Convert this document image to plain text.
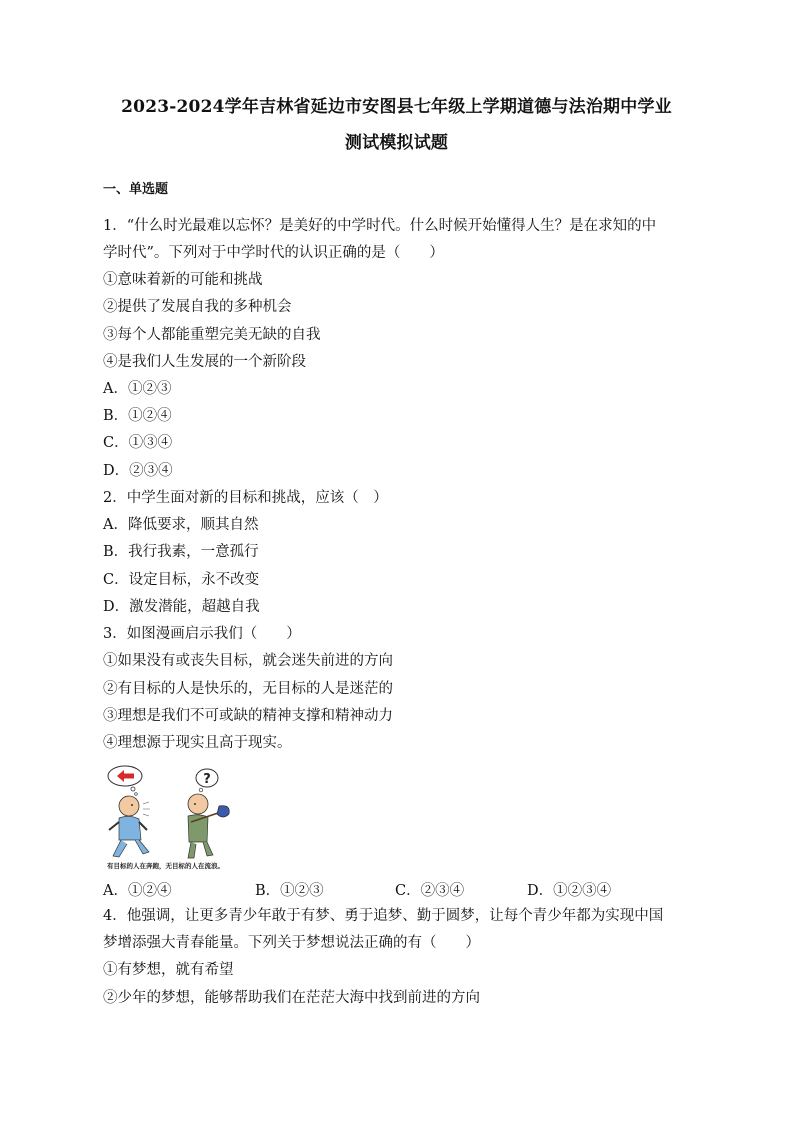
2023-2024学年吉林省延边市安图县七年级上学期道德与法治期中学业
测试模拟试题
一、单选题
1．“什么时光最难以忘怀？是美好的中学时代。什么时候开始懂得人生？是在求知的中
学时代”。下列对于中学时代的认识正确的是（　　）
①意味着新的可能和挑战
②提供了发展自我的多种机会
③每个人都能重塑完美无缺的自我
④是我们人生发展的一个新阶段
A．①②③
B．①②④
C．①③④
D．②③④
2．中学生面对新的目标和挑战，应该（　）
A．降低要求，顺其自然
B．我行我素，一意孤行
C．设定目标，永不改变
D．激发潜能，超越自我
3．如图漫画启示我们（　　）
①如果没有或丧失目标，就会迷失前进的方向
②有目标的人是快乐的，无目标的人是迷茫的
③理想是我们不可或缺的精神支撑和精神动力
④理想源于现实且高于现实。
?
有目标的人在奔跑，无目标的人在流浪。
A．①②④	B．①②③	C．②③④	D．①②③④
4．他强调，让更多青少年敢于有梦、勇于追梦、勤于圆梦，让每个青少年都为实现中国
梦增添强大青春能量。下列关于梦想说法正确的有（　　）
①有梦想，就有希望
②少年的梦想，能够帮助我们在茫茫大海中找到前进的方向
